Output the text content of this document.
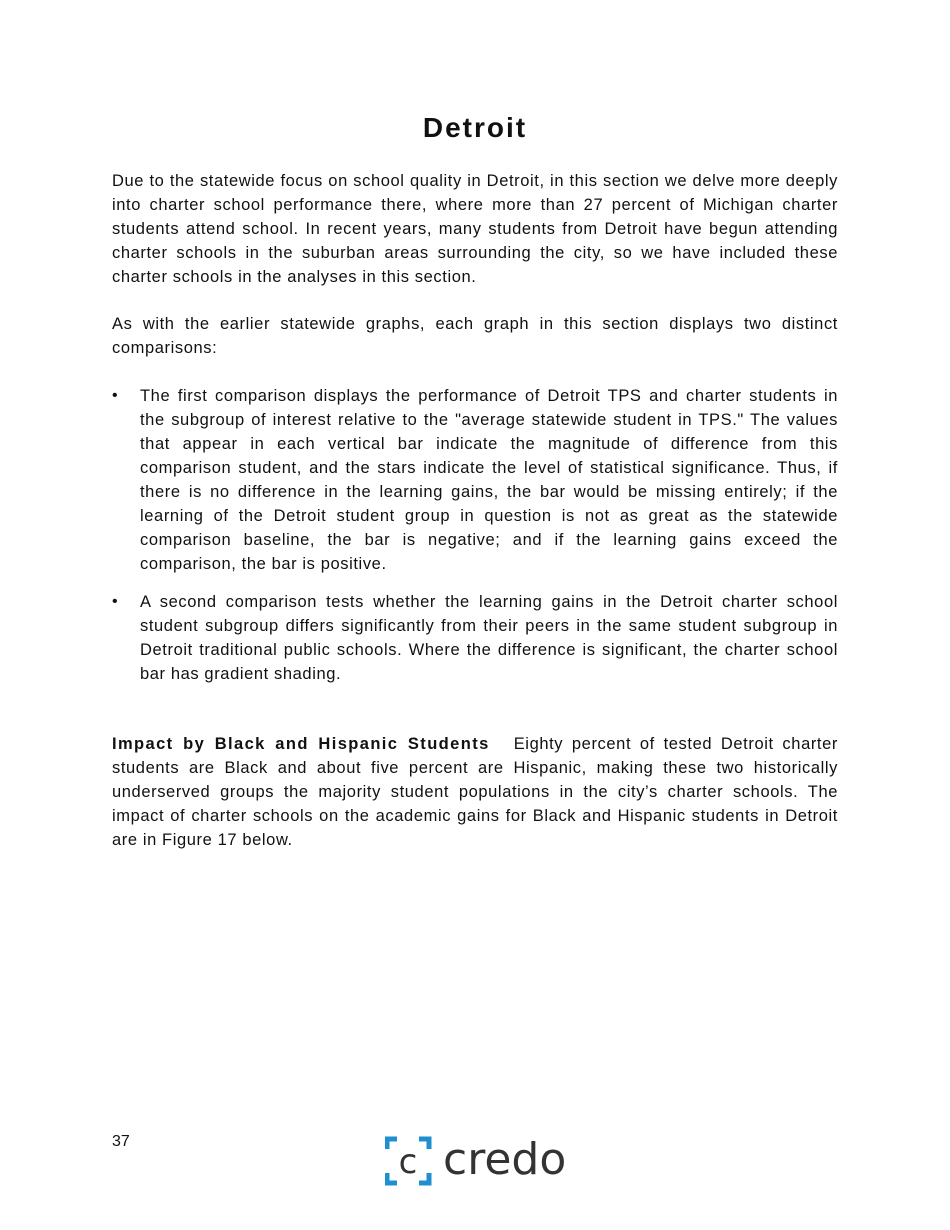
Detroit

Due to the statewide focus on school quality in Detroit, in this section we delve more deeply into charter school performance there, where more than 27 percent of Michigan charter students attend school. In recent years, many students from Detroit have begun attending charter schools in the suburban areas surrounding the city, so we have included these charter schools in the analyses in this section.

As with the earlier statewide graphs, each graph in this section displays two distinct comparisons:

• The first comparison displays the performance of Detroit TPS and charter students in the subgroup of interest relative to the "average statewide student in TPS." The values that appear in each vertical bar indicate the magnitude of difference from this comparison student, and the stars indicate the level of statistical significance. Thus, if there is no difference in the learning gains, the bar would be missing entirely; if the learning of the Detroit student group in question is not as great as the statewide comparison baseline, the bar is negative; and if the learning gains exceed the comparison, the bar is positive.
• A second comparison tests whether the learning gains in the Detroit charter school student subgroup differs significantly from their peers in the same student subgroup in Detroit traditional public schools. Where the difference is significant, the charter school bar has gradient shading.

Impact by Black and Hispanic Students Eighty percent of tested Detroit charter students are Black and about five percent are Hispanic, making these two historically underserved groups the majority student populations in the city’s charter schools. The impact of charter schools on the academic gains for Black and Hispanic students in Detroit are in Figure 17 below.

37
c credo
